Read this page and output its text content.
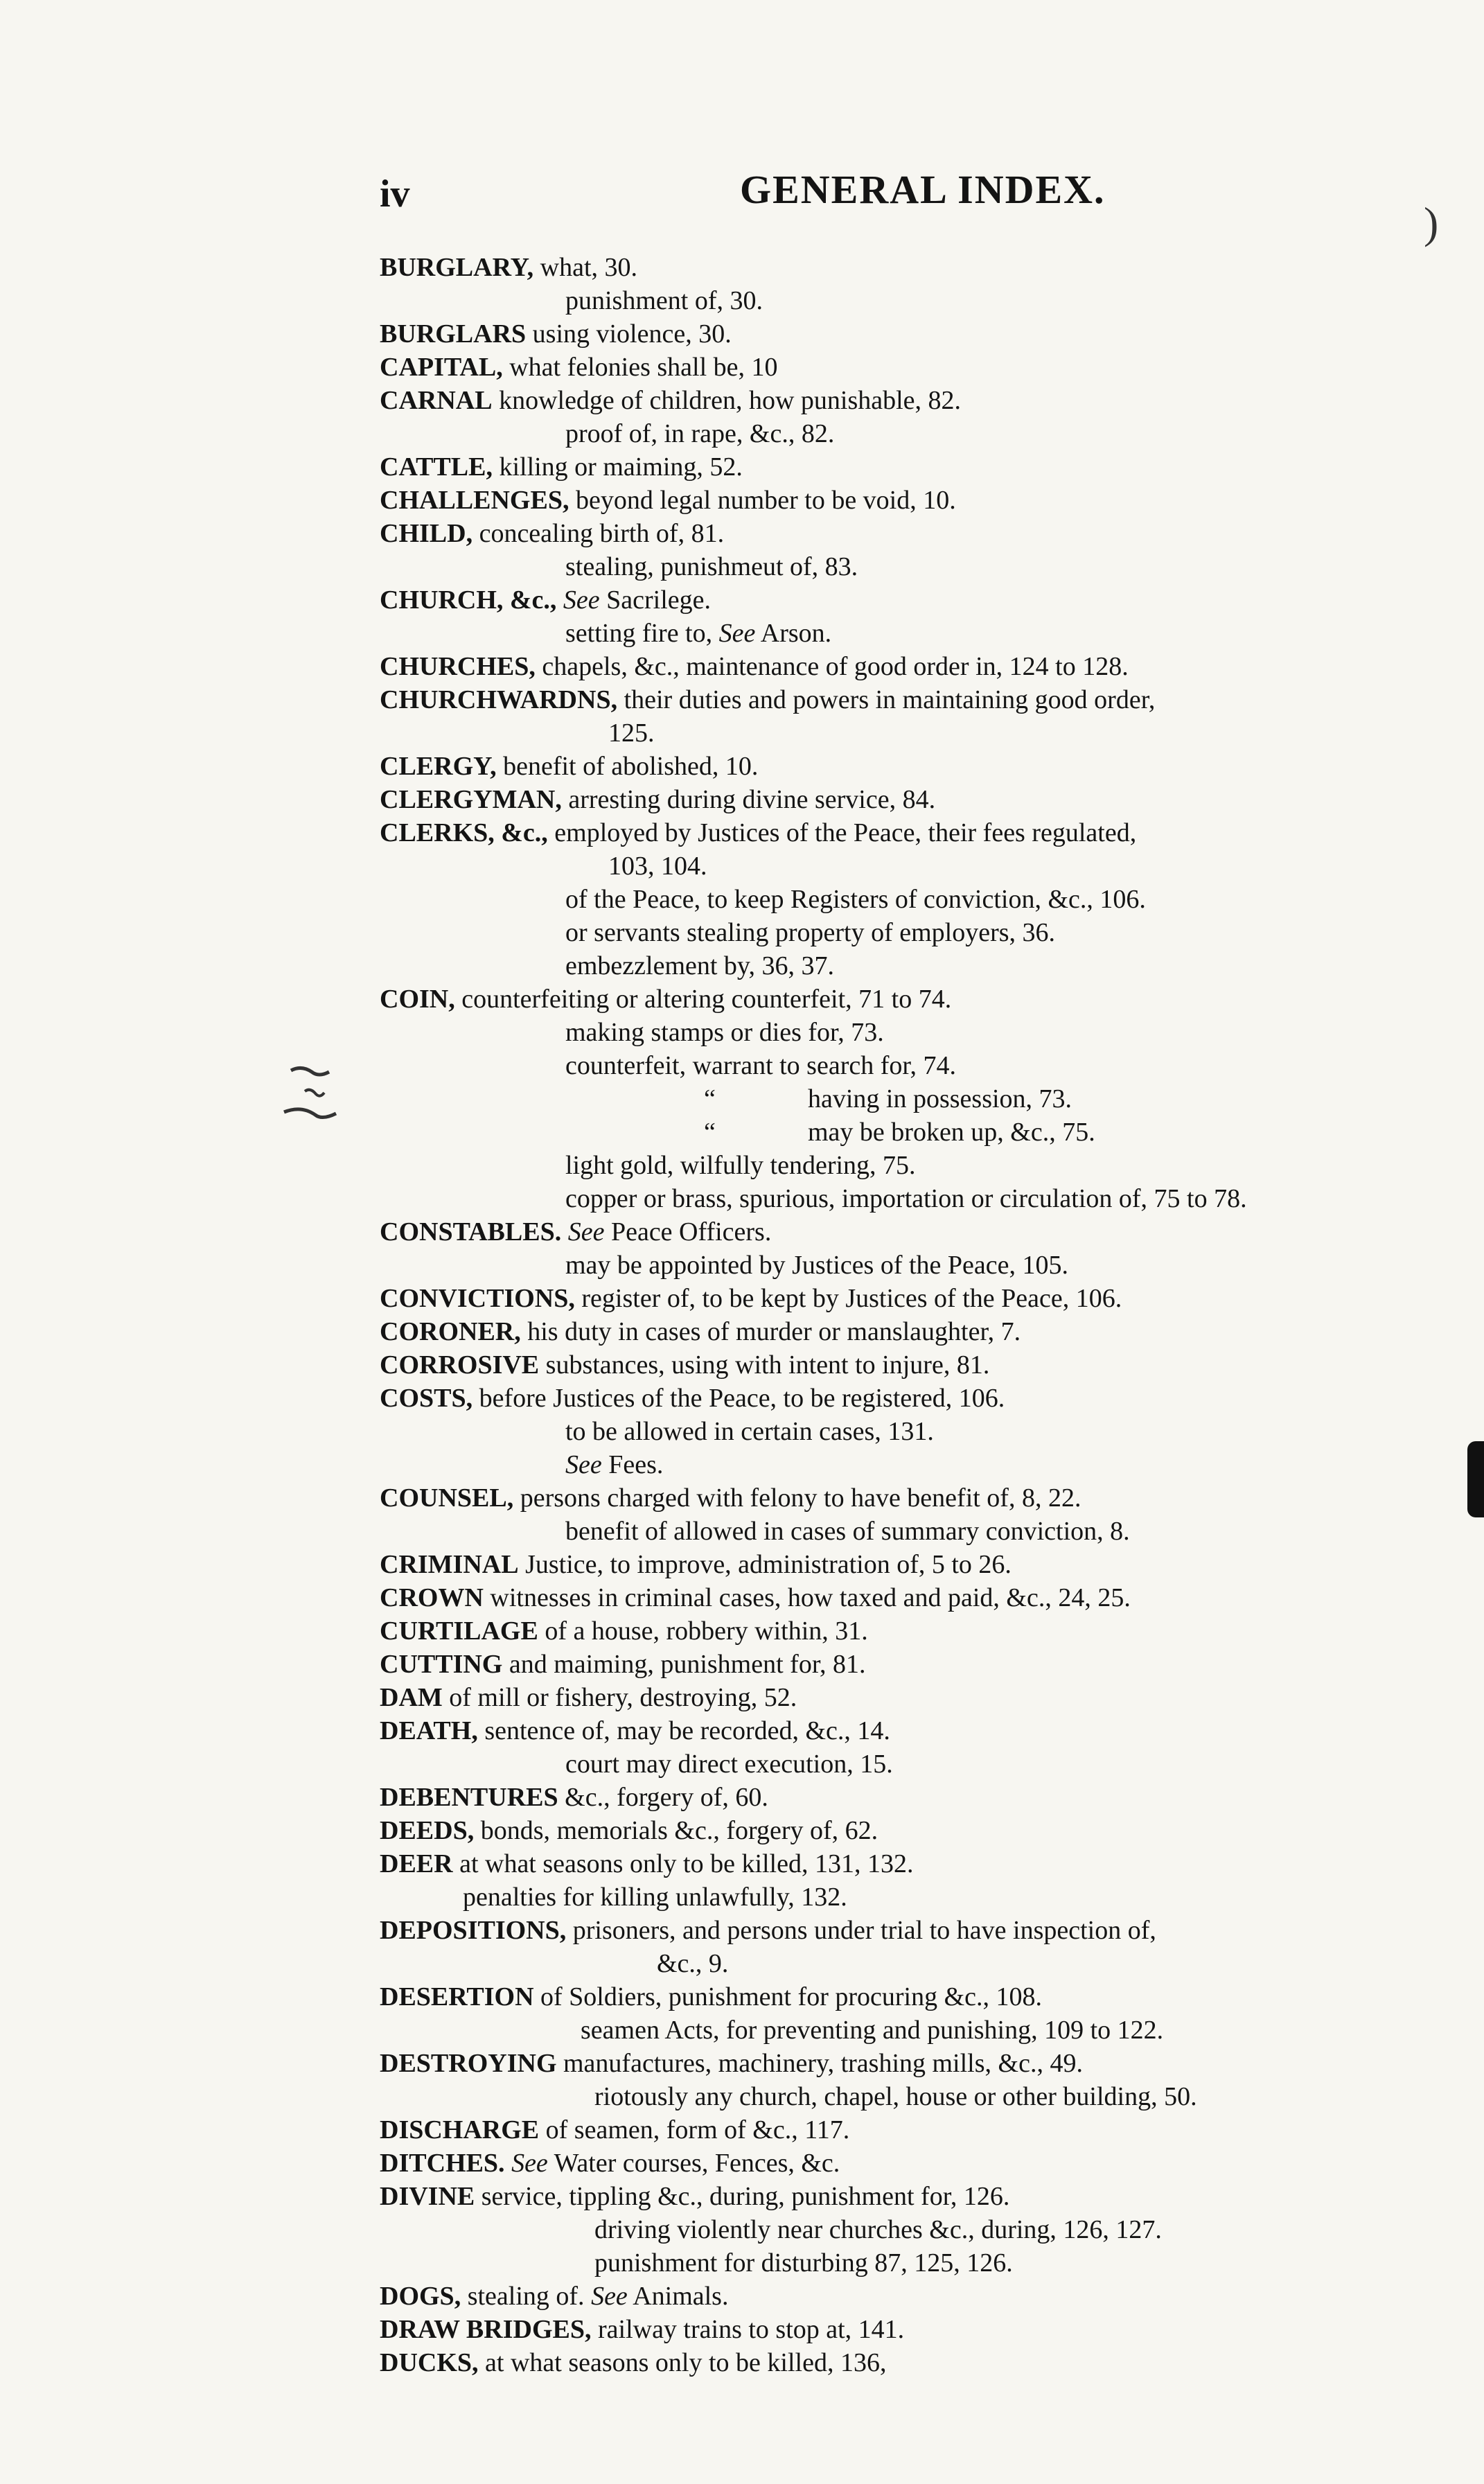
iv	GENERAL INDEX.
)
BURGLARY, what, 30.
punishment of, 30.
BURGLARS using violence, 30.
CAPITAL, what felonies shall be, 10
CARNAL knowledge of children, how punishable, 82.
proof of, in rape, &c., 82.
CATTLE, killing or maiming, 52.
CHALLENGES, beyond legal number to be void, 10.
CHILD, concealing birth of, 81.
stealing, punishmeut of, 83.
CHURCH, &c., See Sacrilege.
setting fire to, See Arson.
CHURCHES, chapels, &c., maintenance of good order in, 124 to 128.
CHURCHWARDNS, their duties and powers in maintaining good order,
125.
CLERGY, benefit of abolished, 10.
CLERGYMAN, arresting during divine service, 84.
CLERKS, &c., employed by Justices of the Peace, their fees regulated,
103, 104.
of the Peace, to keep Registers of conviction, &c., 106.
or servants stealing property of employers, 36.
embezzlement by, 36, 37.
COIN, counterfeiting or altering counterfeit, 71 to 74.
making stamps or dies for, 73.
counterfeit, warrant to search for, 74.
“	having in possession, 73.
“	may be broken up, &c., 75.
light gold, wilfully tendering, 75.
copper or brass, spurious, importation or circulation of, 75 to 78.
CONSTABLES. See Peace Officers.
may be appointed by Justices of the Peace, 105.
CONVICTIONS, register of, to be kept by Justices of the Peace, 106.
CORONER, his duty in cases of murder or manslaughter, 7.
CORROSIVE substances, using with intent to injure, 81.
COSTS, before Justices of the Peace, to be registered, 106.
to be allowed in certain cases, 131.
See Fees.
COUNSEL, persons charged with felony to have benefit of, 8, 22.
benefit of allowed in cases of summary conviction, 8.
CRIMINAL Justice, to improve, administration of, 5 to 26.
CROWN witnesses in criminal cases, how taxed and paid, &c., 24, 25.
CURTILAGE of a house, robbery within, 31.
CUTTING and maiming, punishment for, 81.
DAM of mill or fishery, destroying, 52.
DEATH, sentence of, may be recorded, &c., 14.
court may direct execution, 15.
DEBENTURES &c., forgery of, 60.
DEEDS, bonds, memorials &c., forgery of, 62.
DEER at what seasons only to be killed, 131, 132.
penalties for killing unlawfully, 132.
DEPOSITIONS, prisoners, and persons under trial to have inspection of,
&c., 9.
DESERTION of Soldiers, punishment for procuring &c., 108.
seamen Acts, for preventing and punishing, 109 to 122.
DESTROYING manufactures, machinery, trashing mills, &c., 49.
riotously any church, chapel, house or other building, 50.
DISCHARGE of seamen, form of &c., 117.
DITCHES. See Water courses, Fences, &c.
DIVINE service, tippling &c., during, punishment for, 126.
driving violently near churches &c., during, 126, 127.
punishment for disturbing 87, 125, 126.
DOGS, stealing of. See Animals.
DRAW BRIDGES, railway trains to stop at, 141.
DUCKS, at what seasons only to be killed, 136,
